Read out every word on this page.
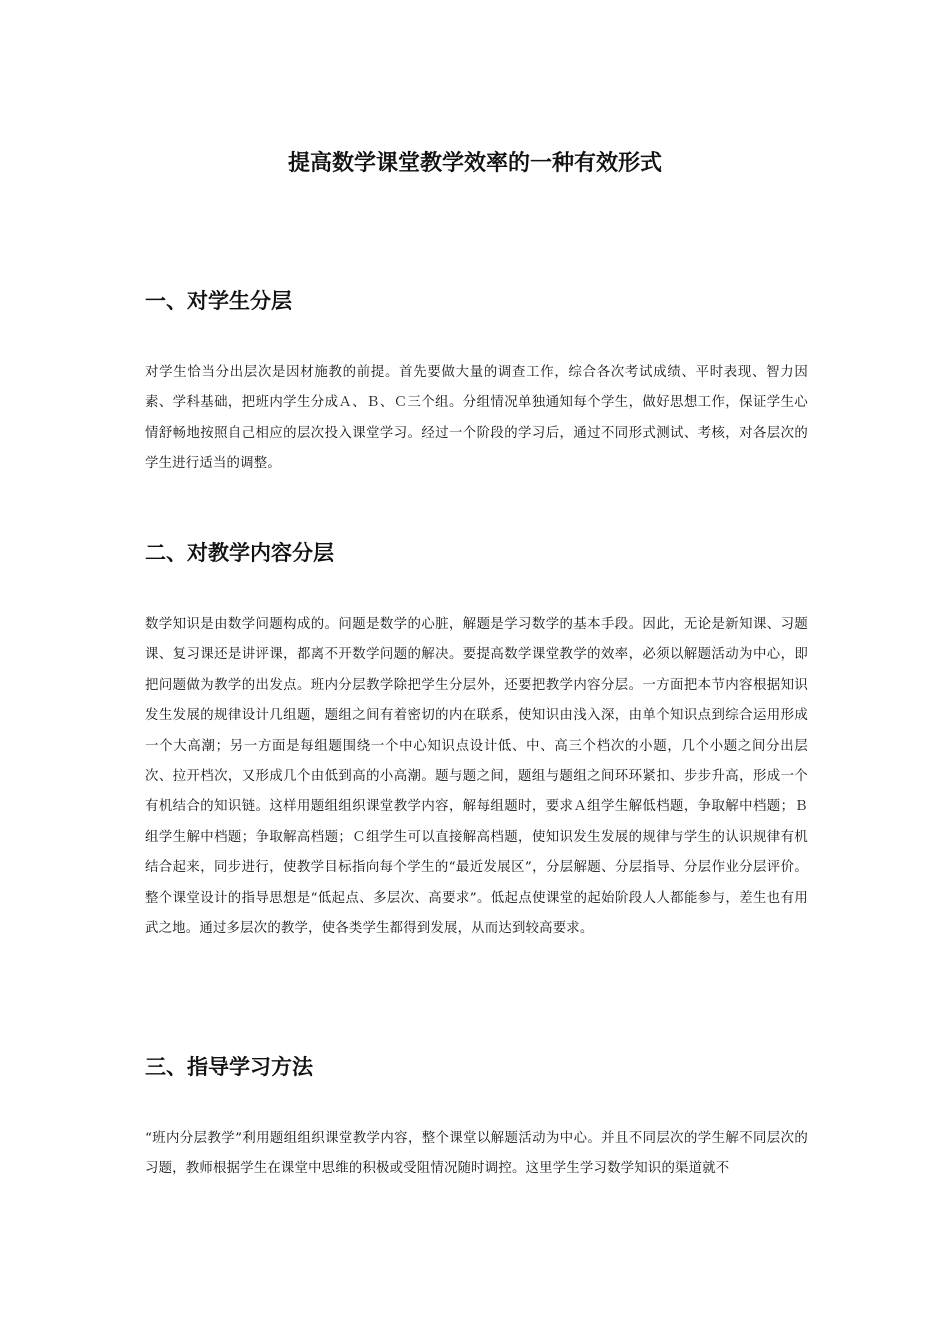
提高数学课堂教学效率的一种有效形式
一、对学生分层

对学生恰当分出层次是因材施教的前提。首先要做大量的调查工作，综合各次考试成绩、平时表现、智力因素、学科基础，把班内学生分成Ａ、Ｂ、Ｃ三个组。分组情况单独通知每个学生，做好思想工作，保证学生心情舒畅地按照自己相应的层次投入课堂学习。经过一个阶段的学习后，通过不同形式测试、考核，对各层次的学生进行适当的调整。

二、对教学内容分层

数学知识是由数学问题构成的。问题是数学的心脏，解题是学习数学的基本手段。因此，无论是新知课、习题课、复习课还是讲评课，都离不开数学问题的解决。要提高数学课堂教学的效率，必须以解题活动为中心，即把问题做为教学的出发点。班内分层教学除把学生分层外，还要把教学内容分层。一方面把本节内容根据知识发生发展的规律设计几组题，题组之间有着密切的内在联系，使知识由浅入深，由单个知识点到综合运用形成一个大高潮；另一方面是每组题围绕一个中心知识点设计低、中、高三个档次的小题，几个小题之间分出层次、拉开档次，又形成几个由低到高的小高潮。题与题之间，题组与题组之间环环紧扣、步步升高，形成一个有机结合的知识链。这样用题组组织课堂教学内容，解每组题时，要求Ａ组学生解低档题，争取解中档题；Ｂ组学生解中档题；争取解高档题；Ｃ组学生可以直接解高档题，使知识发生发展的规律与学生的认识规律有机结合起来，同步进行，使教学目标指向每个学生的“最近发展区”，分层解题、分层指导、分层作业分层评价。整个课堂设计的指导思想是“低起点、多层次、高要求”。低起点使课堂的起始阶段人人都能参与，差生也有用武之地。通过多层次的教学，使各类学生都得到发展，从而达到较高要求。

三、指导学习方法

“班内分层教学”利用题组组织课堂教学内容，整个课堂以解题活动为中心。并且不同层次的学生解不同层次的习题，教师根据学生在课堂中思维的积极或受阻情况随时调控。这里学生学习数学知识的渠道就不
